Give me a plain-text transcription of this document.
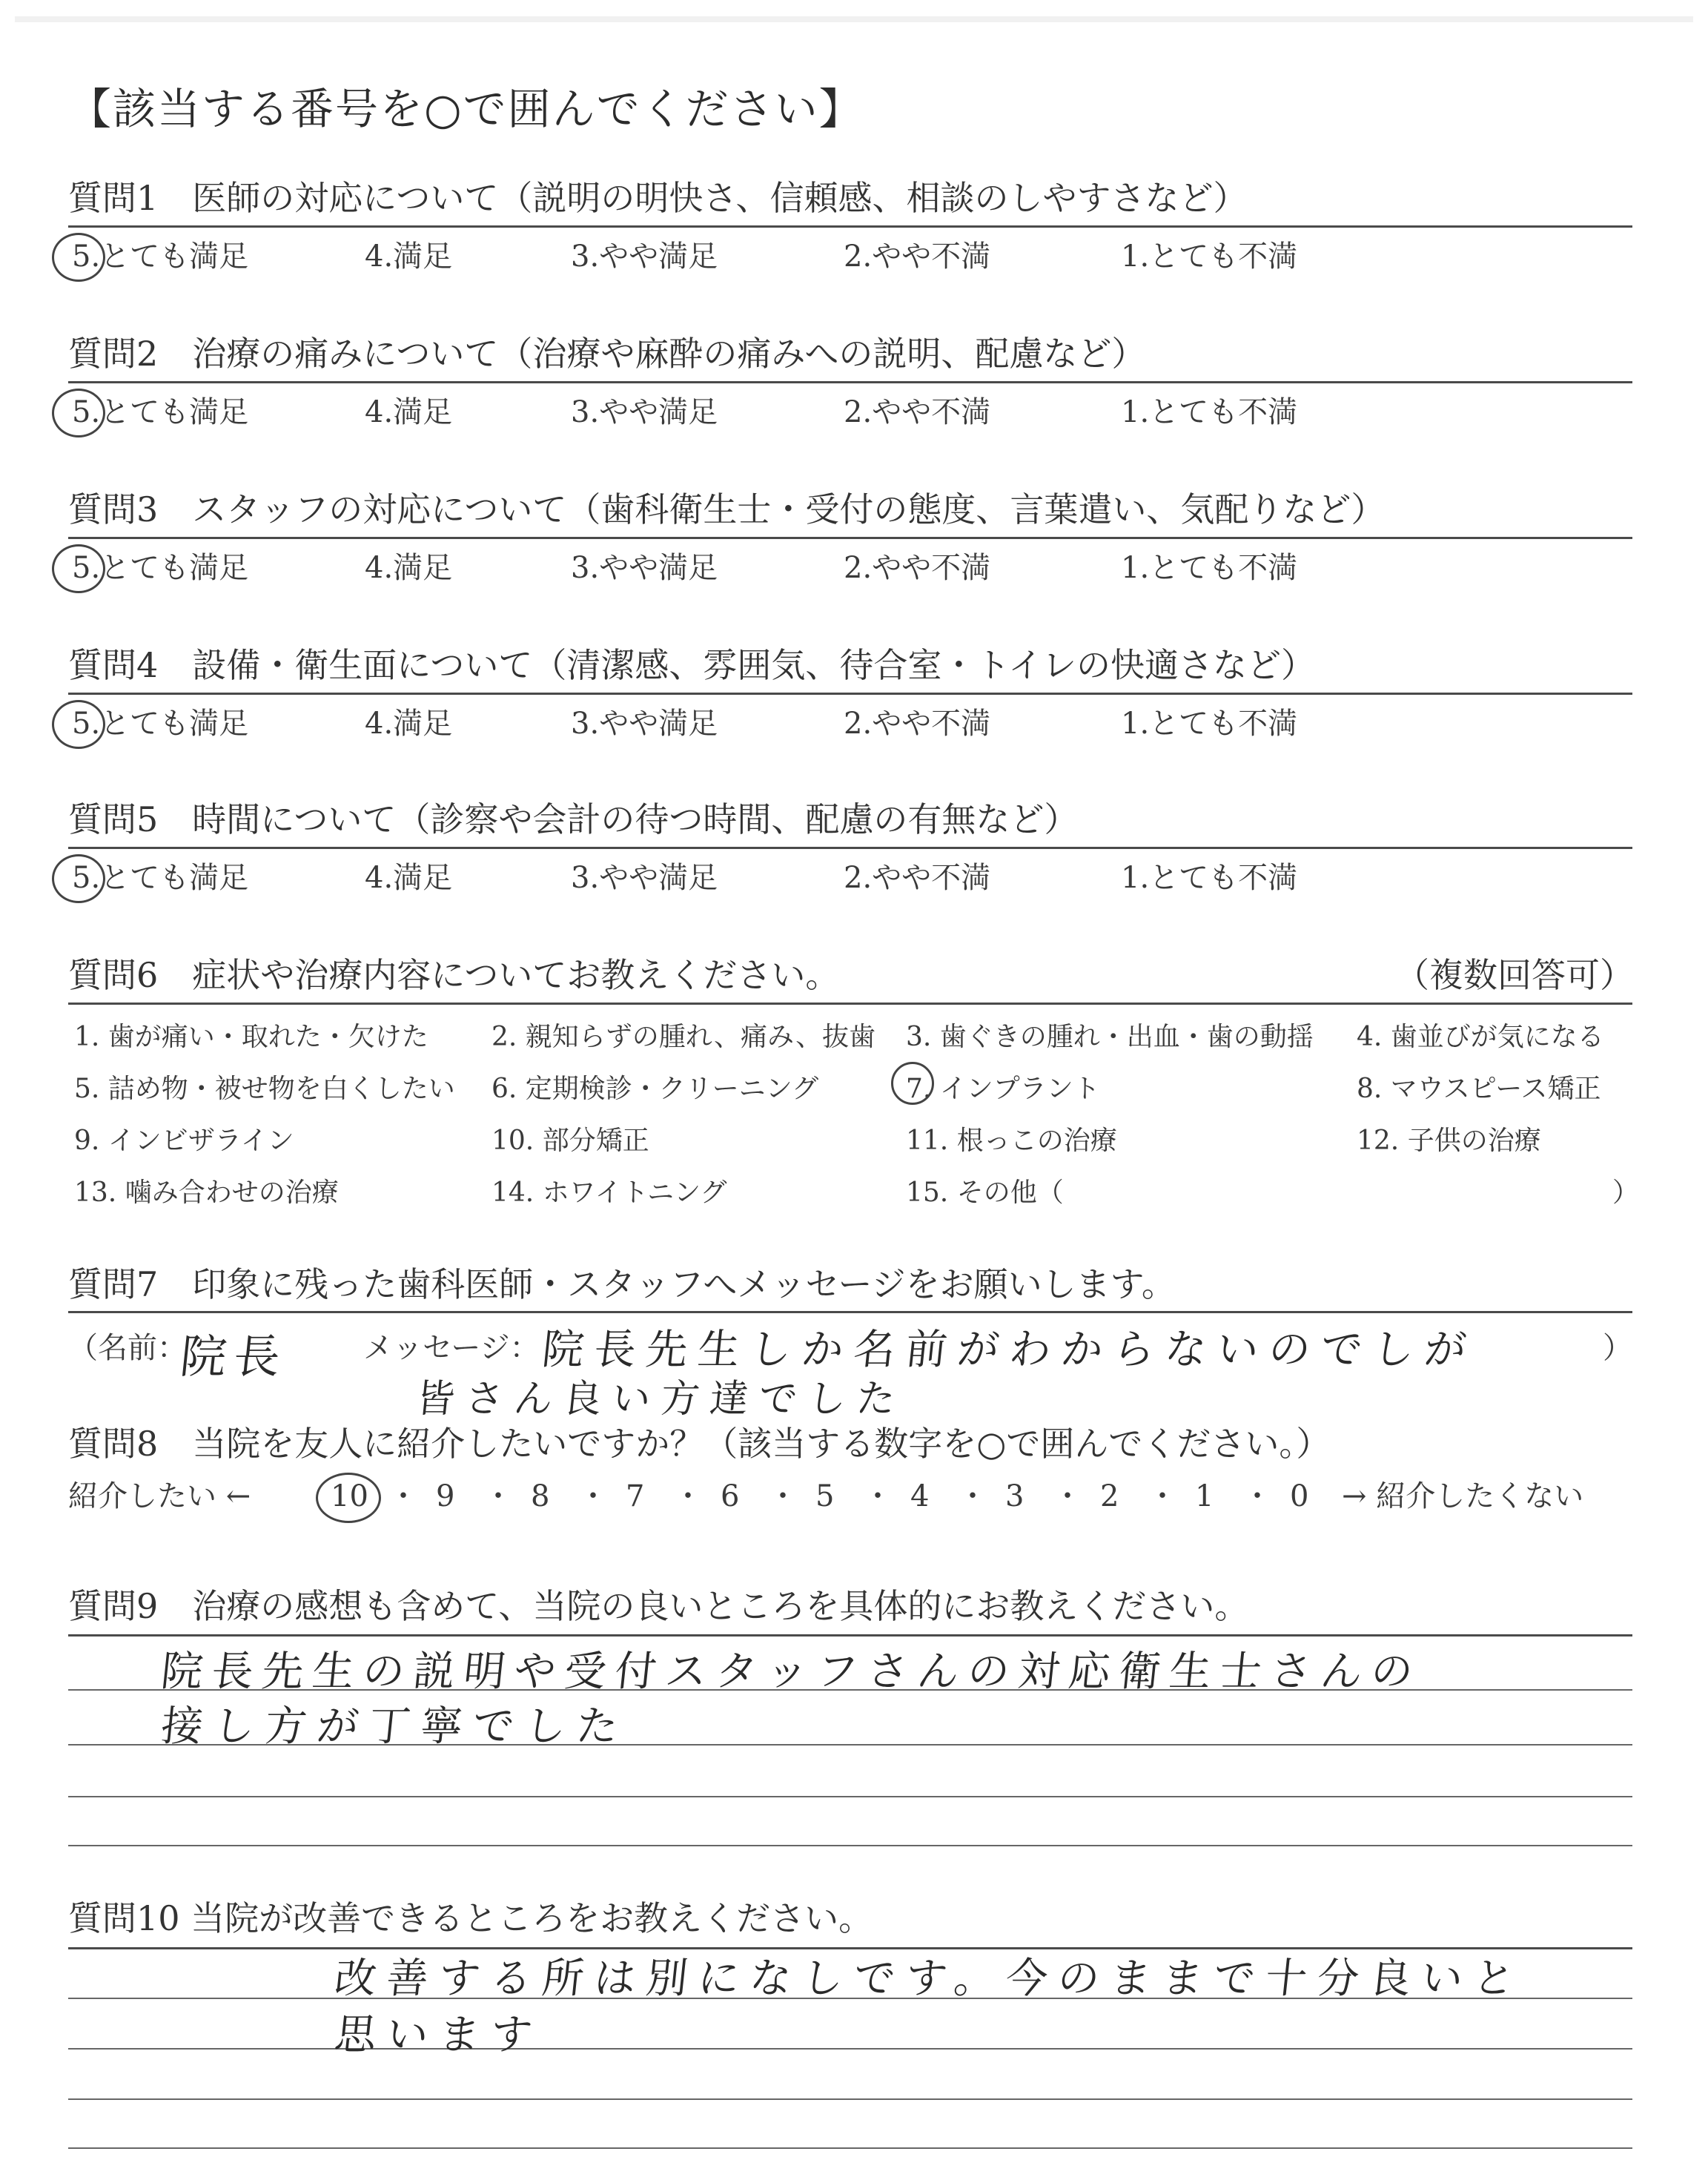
【該当する番号を○で囲んでください】
質問1　医師の対応について（説明の明快さ、信頼感、相談のしやすさなど）
5.とても満足	4.満足	3.やや満足	2.やや不満	1.とても不満
質問2　治療の痛みについて（治療や麻酔の痛みへの説明、配慮など）
5.とても満足	4.満足	3.やや満足	2.やや不満	1.とても不満
質問3　スタッフの対応について（歯科衛生士・受付の態度、言葉遣い、気配りなど）
5.とても満足	4.満足	3.やや満足	2.やや不満	1.とても不満
質問4　設備・衛生面について（清潔感、雰囲気、待合室・トイレの快適さなど）
5.とても満足	4.満足	3.やや満足	2.やや不満	1.とても不満
質問5　時間について（診察や会計の待つ時間、配慮の有無など）
5.とても満足	4.満足	3.やや満足	2.やや不満	1.とても不満
質問6　症状や治療内容についてお教えください。	（複数回答可）
1. 歯が痛い・取れた・欠けた 2. 親知らずの腫れ、痛み、抜歯 3. 歯ぐきの腫れ・出血・歯の動揺 4. 歯並びが気になる
5. 詰め物・被せ物を白くしたい 6. 定期検診・クリーニング	7. インプラント	8. マウスピース矯正
9. インビザライン	10. 部分矯正	11. 根っこの治療	12. 子供の治療
13. 噛み合わせの治療	14. ホワイトニング	15. その他（	）
質問7　印象に残った歯科医師・スタッフへメッセージをお願いします。
（名前：
院長 メッセージ： 院長先生しか名前がわからないのでしが
皆さん良い方達でした
）
質問8　当院を友人に紹介したいですか？（該当する数字を○で囲んでください。）
紹介したい ←	10 ・ 9 ・ 8 ・ 7 ・ 6 ・ 5 ・ 4 ・ 3 ・ 2 ・ 1 ・ 0 → 紹介したくない
質問9　治療の感想も含めて、当院の良いところを具体的にお教えください。
院長先生の説明や受付スタッフさんの対応衛生士さんの
接し方が丁寧でした
質問10 当院が改善できるところをお教えください。
改善する所は別になしです。今のままで十分良いと
思います
